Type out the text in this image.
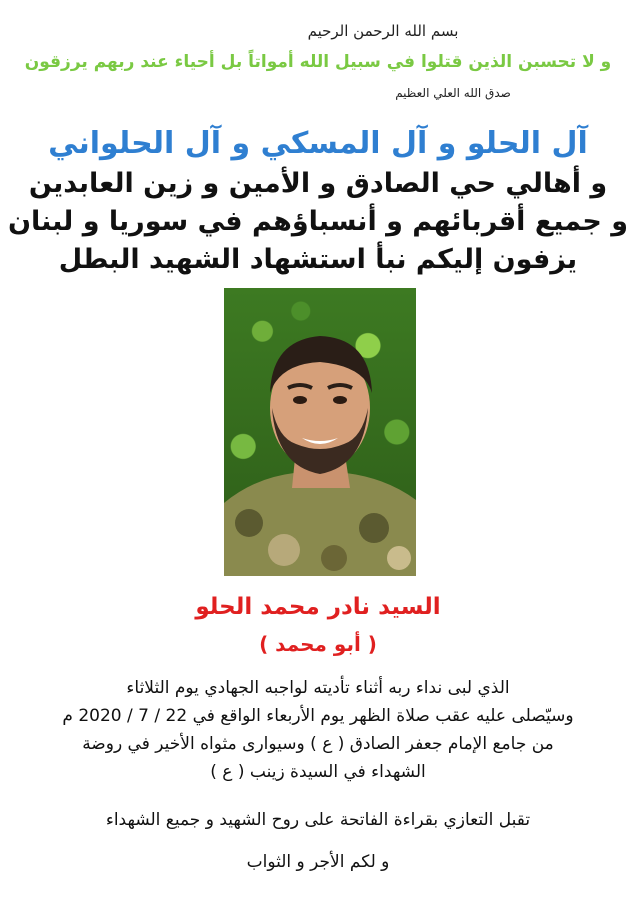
بسم الله الرحمن الرحيم
و لا تحسبن الذين قتلوا في سبيل الله أمواتاً بل أحياء عند ربهم يرزقون
صدق الله العلي العظيم
آل الحلو و آل المسكي و آل الحلواني
و أهالي حي الصادق و الأمين و زين العابدين
و جميع أقربائهم و أنسباؤهم في سوريا و لبنان
يزفون إليكم نبأ استشهاد الشهيد البطل
السيد نادر محمد الحلو
( أبو محمد )
الذي لبى نداء ربه أثناء تأديته لواجبه الجهادي يوم الثلاثاء
وسيّصلى عليه عقب صلاة الظهر يوم الأربعاء الواقع في 22 / 7 / 2020 م
من جامع الإمام جعفر الصادق ( ع ) وسيوارى مثواه الأخير في روضة
الشهداء في السيدة زينب ( ع )
تقبل التعازي بقراءة الفاتحة على روح الشهيد و جميع الشهداء
و لكم الأجر و الثواب
